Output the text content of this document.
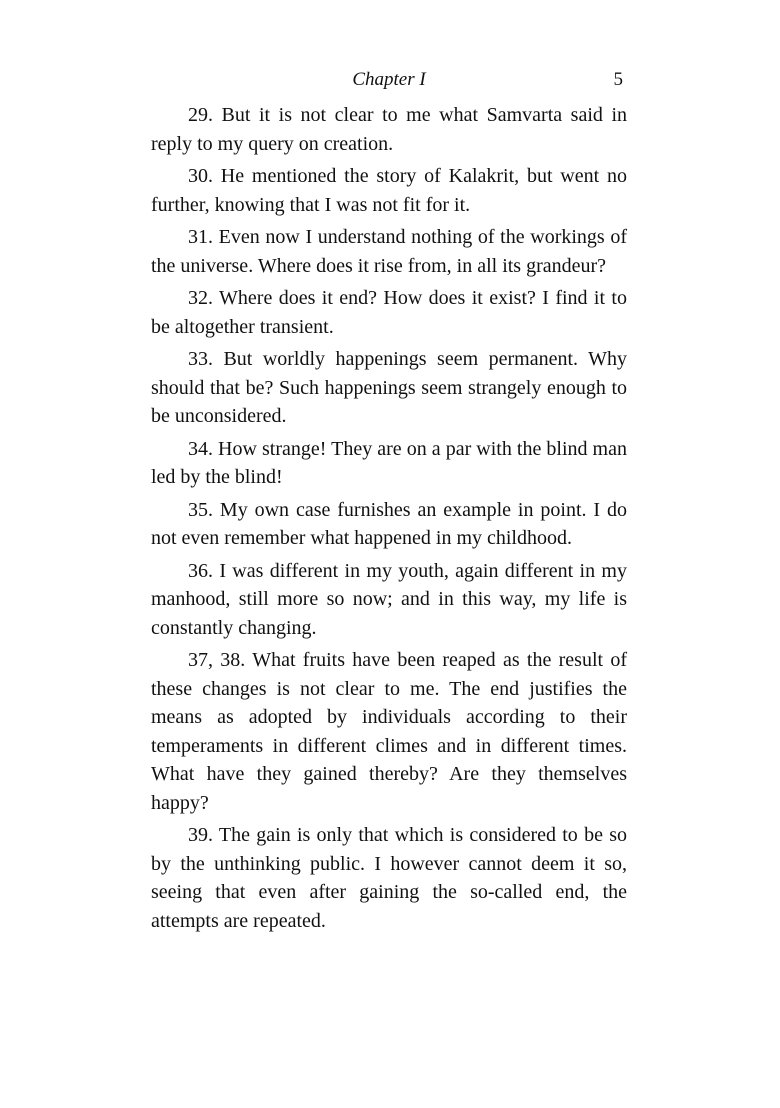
Chapter I	5

29. But it is not clear to me what Samvarta said in reply to my query on creation.

30. He mentioned the story of Kalakrit, but went no further, knowing that I was not fit for it.

31. Even now I understand nothing of the workings of the universe. Where does it rise from, in all its grandeur?

32. Where does it end? How does it exist? I find it to be altogether transient.

33. But worldly happenings seem permanent. Why should that be? Such happenings seem strangely enough to be unconsidered.

34. How strange! They are on a par with the blind man led by the blind!

35. My own case furnishes an example in point. I do not even remember what happened in my childhood.

36. I was different in my youth, again different in my manhood, still more so now; and in this way, my life is constantly changing.

37, 38. What fruits have been reaped as the result of these changes is not clear to me. The end justifies the means as adopted by individuals according to their temperaments in different climes and in different times. What have they gained thereby? Are they themselves happy?

39. The gain is only that which is considered to be so by the unthinking public. I however cannot deem it so, seeing that even after gaining the so-called end, the attempts are repeated.
